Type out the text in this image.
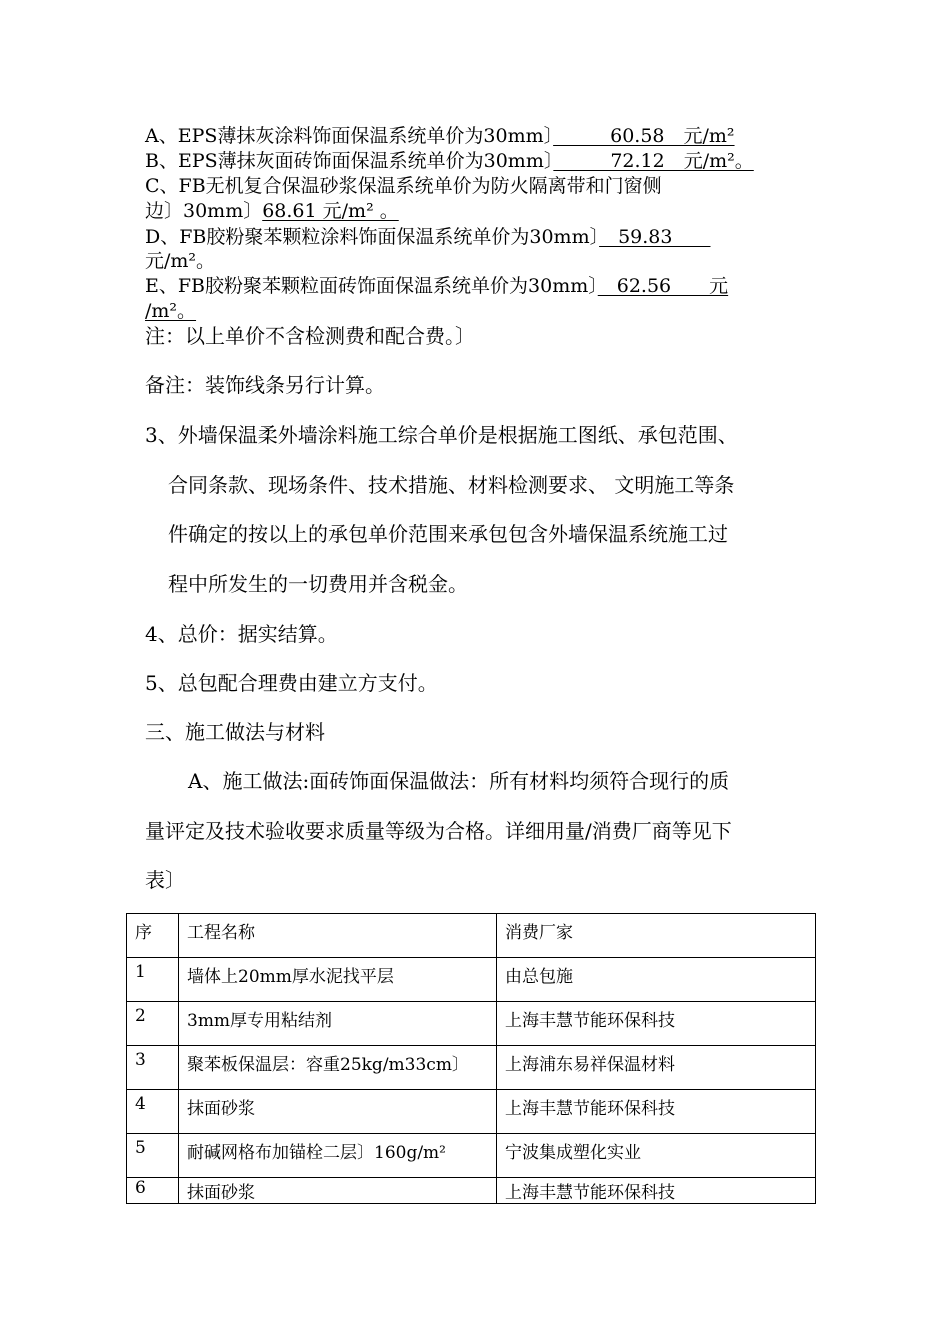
A、EPS薄抹灰涂料饰面保温系统单价为30mm〕　　　60.58　元/m²
B、EPS薄抹灰面砖饰面保温系统单价为30mm〕　　　72.12　元/m²。
C、FB无机复合保温砂浆保温系统单价为防火隔离带和门窗侧
边〕30mm〕68.61 元/m² 。
D、FB胶粉聚苯颗粒涂料饰面保温系统单价为30mm〕　59.83　　
元/m²。
E、FB胶粉聚苯颗粒面砖饰面保温系统单价为30mm〕　62.56　　元
/m²。
注：以上单价不含检测费和配合费。〕
备注：装饰线条另行计算。
3、外墙保温柔外墙涂料施工综合单价是根据施工图纸、承包范围、
合同条款、现场条件、技术措施、材料检测要求、 文明施工等条
件确定的按以上的承包单价范围来承包包含外墙保温系统施工过
程中所发生的一切费用并含税金。
4、总价：据实结算。
5、总包配合理费由建立方支付。
三、施工做法与材料
A、施工做法:面砖饰面保温做法：所有材料均须符合现行的质
量评定及技术验收要求质量等级为合格。详细用量/消费厂商等见下
表〕
序	工程名称	消费厂家
1	墙体上20mm厚水泥找平层	由总包施
2	3mm厚专用粘结剂	上海丰慧节能环保科技
3	聚苯板保温层：容重25kg/m33cm〕	上海浦东易祥保温材料
4	抹面砂浆	上海丰慧节能环保科技
5	耐碱网格布加锚栓二层〕160g/m²	宁波集成塑化实业
6	抹面砂浆	上海丰慧节能环保科技
